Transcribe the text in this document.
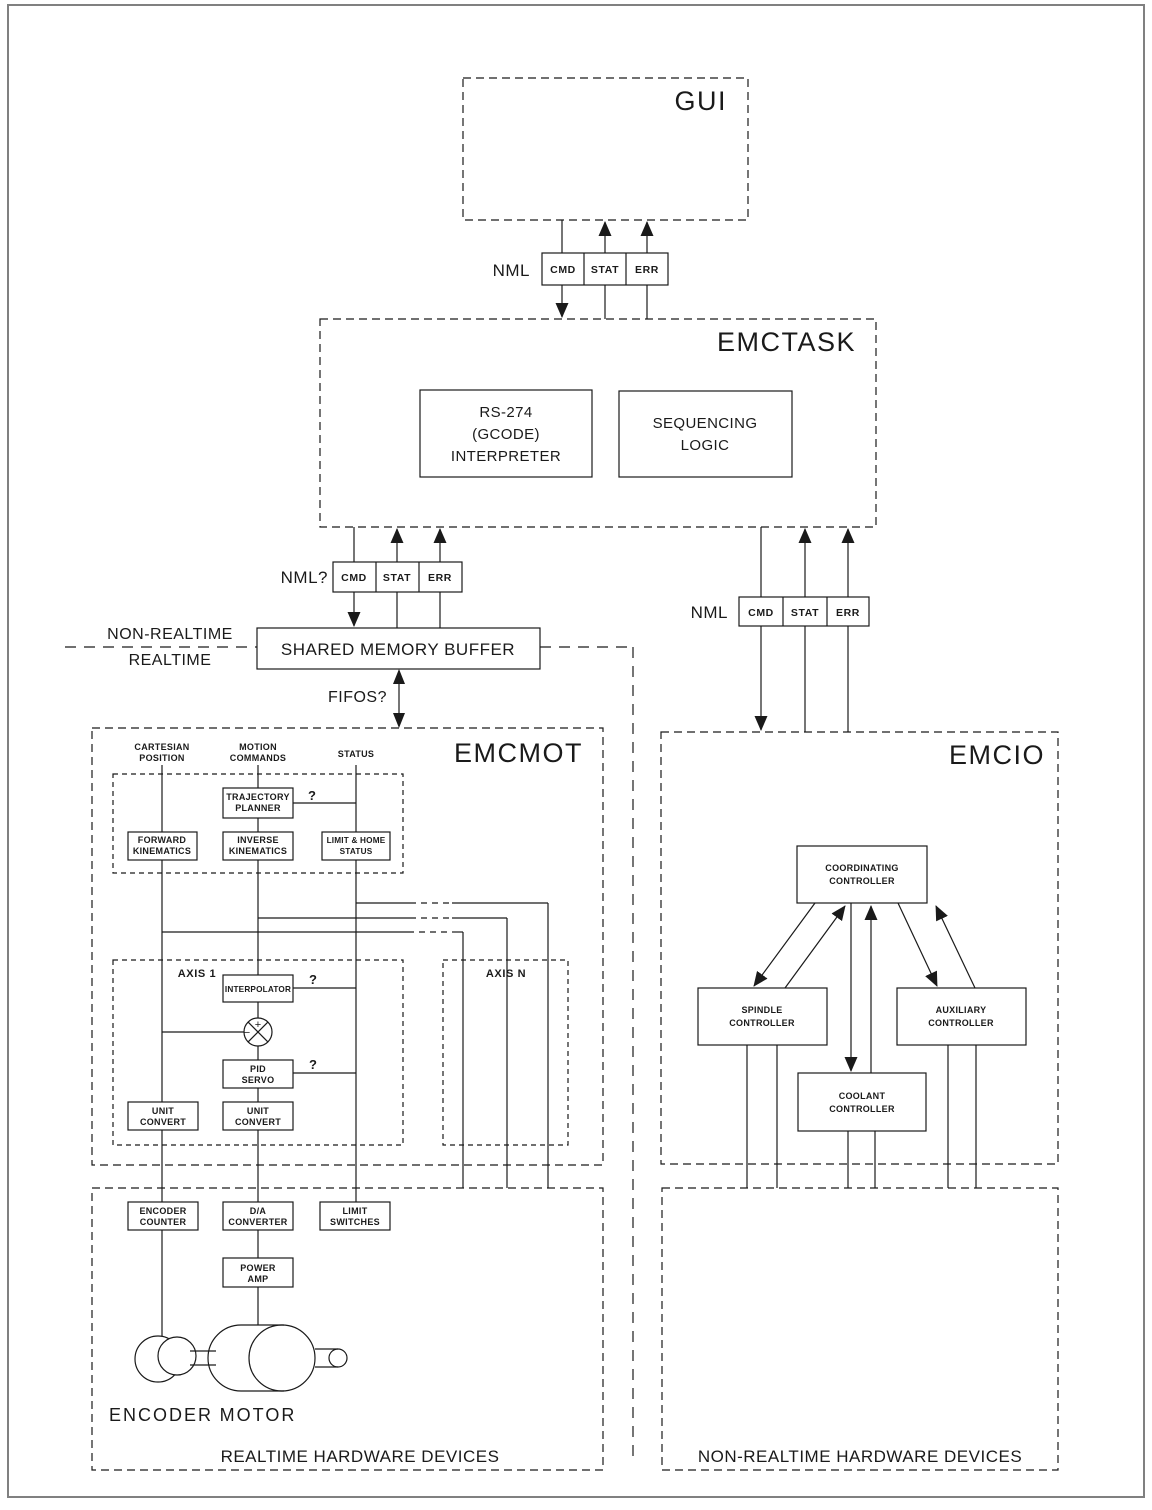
GUI
NML CMD STAT ERR
EMCTASK
RS-274
(GCODE)
INTERPRETER
SEQUENCING
LOGIC
NML? CMD STAT ERR
NON-REALTIME
REALTIME
SHARED MEMORY BUFFER
FIFOS?
NML CMD STAT ERR
EMCMOT
CARTESIAN
POSITION
MOTION
COMMANDS	STATUS
TRAJECTORY
PLANNER
FORWARD
KINEMATICS
INVERSE
KINEMATICS
LIMIT & HOME
STATUS
?
AXIS 1
INTERPOLATOR
?
+
−
PID
SERVO
?
UNIT
CONVERT
UNIT
CONVERT
AXIS N
EMCIO
COORDINATING
CONTROLLER
SPINDLE
CONTROLLER
AUXILIARY
CONTROLLER
COOLANT
CONTROLLER
REALTIME HARDWARE DEVICES
ENCODER
COUNTER
D/A
CONVERTER
LIMIT
SWITCHES
POWER
AMP
ENCODER MOTOR
NON-REALTIME HARDWARE DEVICES
